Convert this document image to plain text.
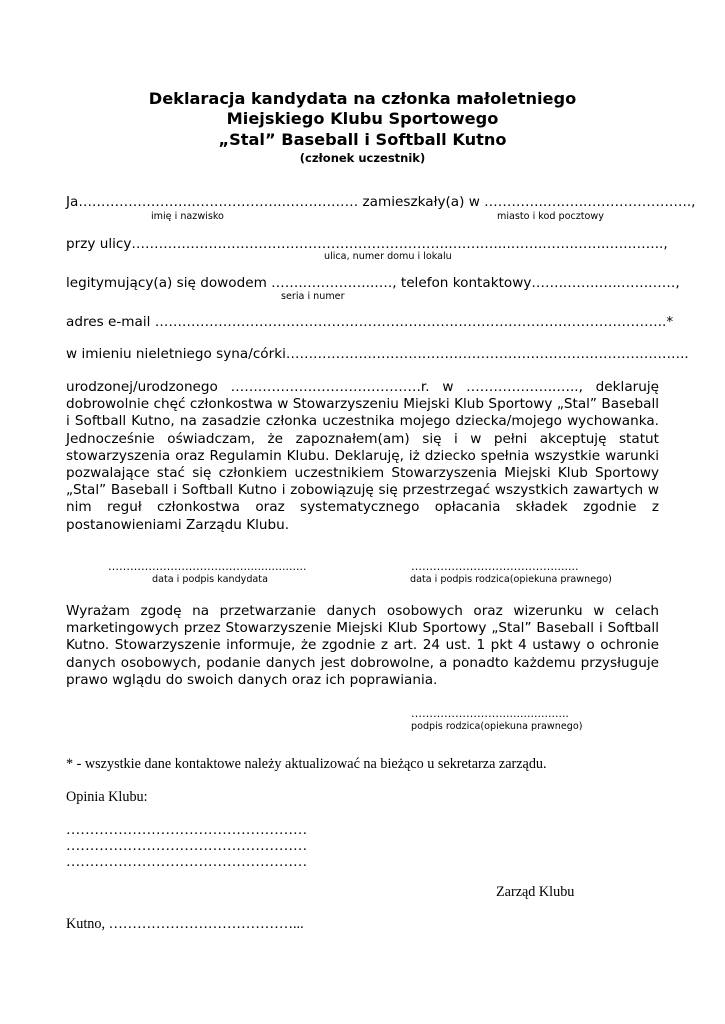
Deklaracja kandydata na członka małoletniego
Miejskiego Klubu Sportowego
„Stal” Baseball i Softball Kutno
(członek uczestnik)
Ja……………………..………………..…….……… zamieszkały(a) w …………..….…..…………………..,
imię i nazwisko	miasto i kod pocztowy
przy ulicy……………………………………………………………..…….…...…….…….……..….……..,
ulica, numer domu i lokalu
legitymujący(a) się dowodem …….….…….…..…., telefon kontaktowy……..…….…..…………,
seria i numer
adres e-mail …………………………………………………………………………………………………..*
w imieniu nieletniego syna/córki……………………………………………………………………………..
urodzonej/urodzonego ……………………………………r. w ………………..….., deklaruję dobrowolnie chęć członkostwa w Stowarzyszeniu Miejski Klub Sportowy „Stal” Baseball i Softball Kutno, na zasadzie członka uczestnika mojego dziecka/mojego wychowanka. Jednocześnie oświadczam, że zapoznałem(am) się i w pełni akceptuję statut stowarzyszenia oraz Regulamin Klubu. Deklaruję, iż dziecko spełnia wszystkie warunki pozwalające stać się członkiem uczestnikiem Stowarzyszenia Miejski Klub Sportowy „Stal” Baseball i Softball Kutno i zobowiązuję się przestrzegać wszystkich zawartych w nim reguł członkostwa oraz systematycznego opłacania składek zgodnie z postanowieniami Zarządu Klubu.
………………………….……..................
data i podpis kandydata
………………………………….......
data i podpis rodzica(opiekuna prawnego)
Wyrażam zgodę na przetwarzanie danych osobowych oraz wizerunku w celach marketingowych przez Stowarzyszenie Miejski Klub Sportowy „Stal” Baseball i Softball Kutno. Stowarzyszenie informuje, że zgodnie z art. 24 ust. 1 pkt 4 ustawy o ochronie danych osobowych, podanie danych jest dobrowolne, a ponadto każdemu przysługuje prawo wglądu do swoich danych oraz ich poprawiania.
……………………....................
podpis rodzica(opiekuna prawnego)
* - wszystkie dane kontaktowe należy aktualizować na bieżąco u sekretarza zarządu.
Opinia Klubu:
……………………………………………
……………………………………………
……………………………………………
Zarząd Klubu
Kutno, …………………………………...
